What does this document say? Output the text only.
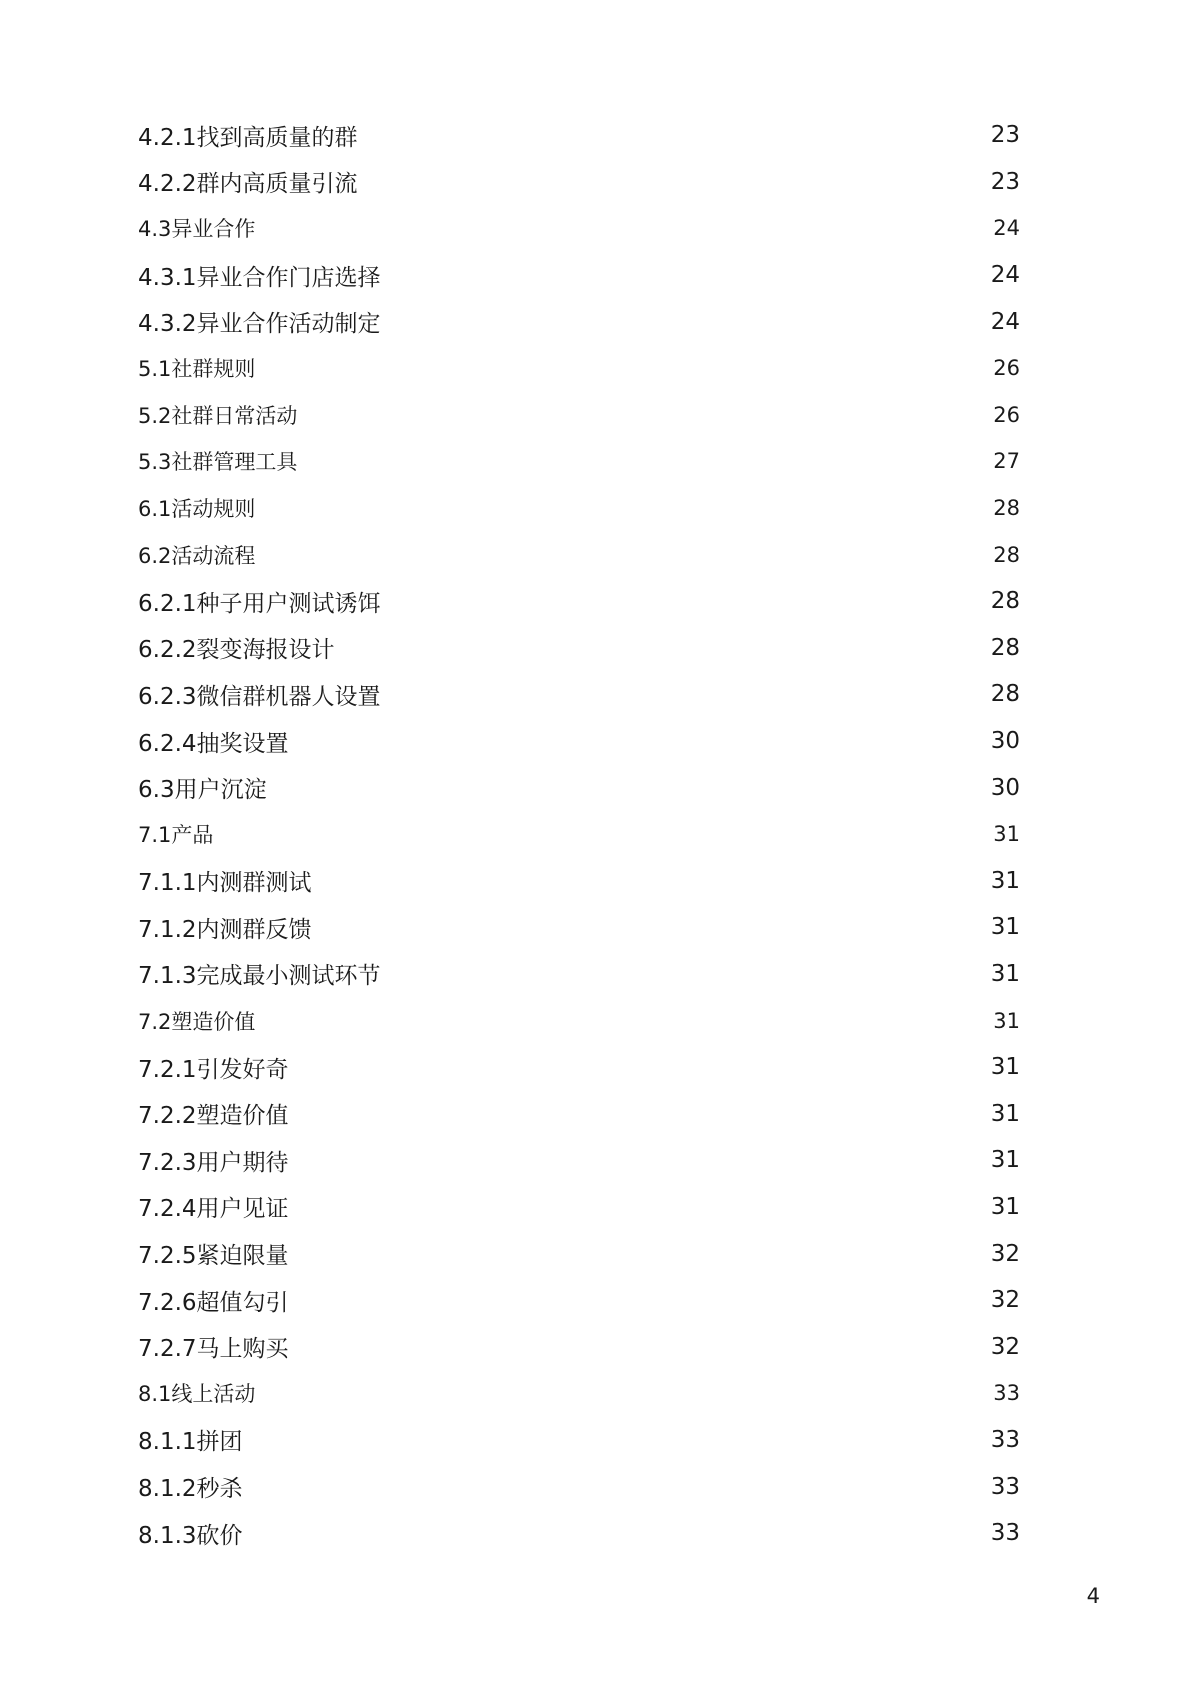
4.2.1找到高质量的群	23
4.2.2群内高质量引流	23
4.3异业合作	24
4.3.1异业合作门店选择	24
4.3.2异业合作活动制定	24
5.1社群规则	26
5.2社群日常活动	26
5.3社群管理工具	27
6.1活动规则	28
6.2活动流程	28
6.2.1种子用户测试诱饵	28
6.2.2裂变海报设计	28
6.2.3微信群机器人设置	28
6.2.4抽奖设置	30
6.3用户沉淀	30
7.1产品	31
7.1.1内测群测试	31
7.1.2内测群反馈	31
7.1.3完成最小测试环节	31
7.2塑造价值	31
7.2.1引发好奇	31
7.2.2塑造价值	31
7.2.3用户期待	31
7.2.4用户见证	31
7.2.5紧迫限量	32
7.2.6超值勾引	32
7.2.7马上购买	32
8.1线上活动	33
8.1.1拼团	33
8.1.2秒杀	33
8.1.3砍价	33
4
